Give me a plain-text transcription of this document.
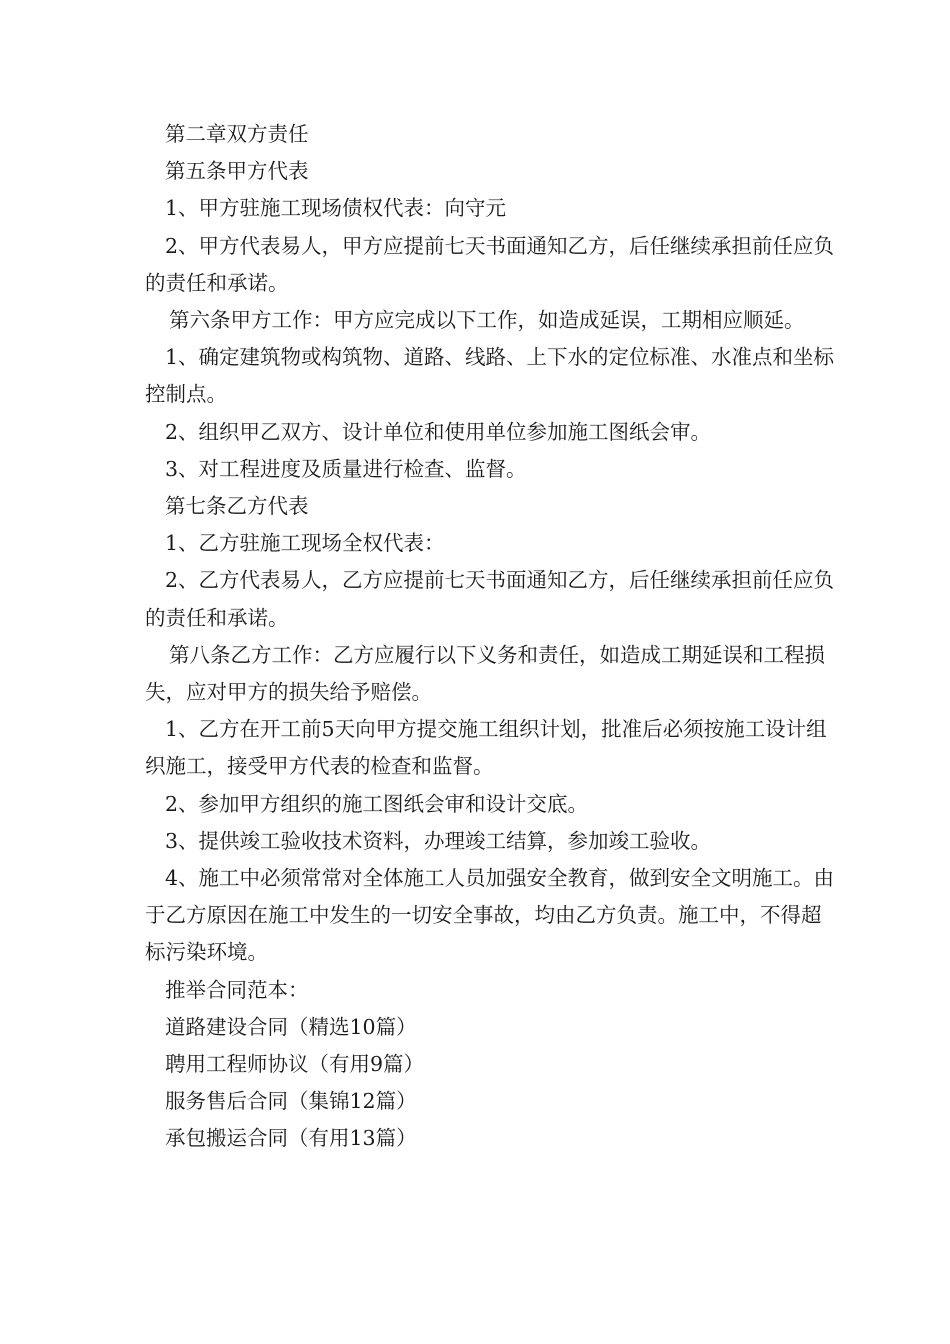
第二章双方责任

第五条甲方代表

1、甲方驻施工现场债权代表：向守元

2、甲方代表易人，甲方应提前七天书面通知乙方，后任继续承担前任应负的责任和承诺。

第六条甲方工作：甲方应完成以下工作，如造成延误，工期相应顺延。

1、确定建筑物或构筑物、道路、线路、上下水的定位标准、水准点和坐标控制点。

2、组织甲乙双方、设计单位和使用单位参加施工图纸会审。

3、对工程进度及质量进行检查、监督。

第七条乙方代表

1、乙方驻施工现场全权代表：

2、乙方代表易人，乙方应提前七天书面通知乙方，后任继续承担前任应负的责任和承诺。

第八条乙方工作：乙方应履行以下义务和责任，如造成工期延误和工程损失，应对甲方的损失给予赔偿。

1、乙方在开工前5天向甲方提交施工组织计划，批准后必须按施工设计组织施工，接受甲方代表的检查和监督。

2、参加甲方组织的施工图纸会审和设计交底。

3、提供竣工验收技术资料，办理竣工结算，参加竣工验收。

4、施工中必须常常对全体施工人员加强安全教育，做到安全文明施工。由于乙方原因在施工中发生的一切安全事故，均由乙方负责。施工中，不得超标污染环境。

推举合同范本：

道路建设合同（精选10篇）

聘用工程师协议（有用9篇）

服务售后合同（集锦12篇）

承包搬运合同（有用13篇）
